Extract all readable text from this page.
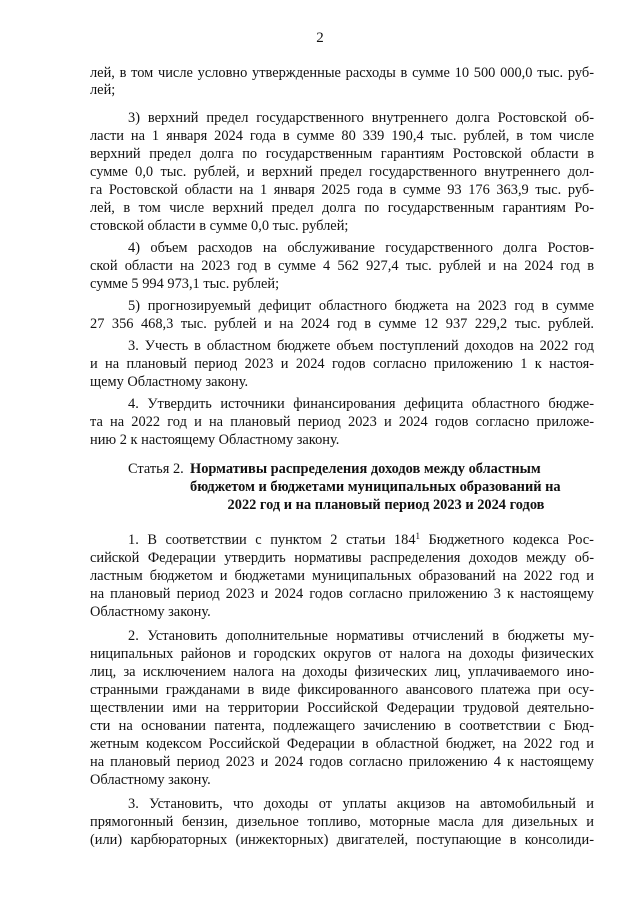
2
лей, в том числе условно утвержденные расходы в сумме 10 500 000,0 тыс. руб-
лей;
3) верхний предел государственного внутреннего долга Ростовской об-
ласти на 1 января 2024 года в сумме 80 339 190,4 тыс. рублей, в том числе
верхний предел долга по государственным гарантиям Ростовской области в
сумме 0,0 тыс. рублей, и верхний предел государственного внутреннего дол-
га Ростовской области на 1 января 2025 года в сумме 93 176 363,9 тыс. руб-
лей, в том числе верхний предел долга по государственным гарантиям Ро-
стовской области в сумме 0,0 тыс. рублей;
4) объем расходов на обслуживание государственного долга Ростов-
ской области на 2023 год в сумме 4 562 927,4 тыс. рублей и на 2024 год в
сумме 5 994 973,1 тыс. рублей;
5) прогнозируемый дефицит областного бюджета на 2023 год в сумме
27 356 468,3 тыс. рублей и на 2024 год в сумме 12 937 229,2 тыс. рублей.
3. Учесть в областном бюджете объем поступлений доходов на 2022 год
и на плановый период 2023 и 2024 годов согласно приложению 1 к настоя-
щему Областному закону.
4. Утвердить источники финансирования дефицита областного бюдже-
та на 2022 год и на плановый период 2023 и 2024 годов согласно приложе-
нию 2 к настоящему Областному закону.
Статья 2. Нормативы распределения доходов между областным
бюджетом и бюджетами муниципальных образований на
2022 год и на плановый период 2023 и 2024 годов
1. В соответствии с пунктом 2 статьи $184^1$ Бюджетного кодекса Рос-
сийской Федерации утвердить нормативы распределения доходов между об-
ластным бюджетом и бюджетами муниципальных образований на 2022 год и
на плановый период 2023 и 2024 годов согласно приложению 3 к настоящему
Областному закону.
2. Установить дополнительные нормативы отчислений в бюджеты му-
ниципальных районов и городских округов от налога на доходы физических
лиц, за исключением налога на доходы физических лиц, уплачиваемого ино-
странными гражданами в виде фиксированного авансового платежа при осу-
ществлении ими на территории Российской Федерации трудовой деятельно-
сти на основании патента, подлежащего зачислению в соответствии с Бюд-
жетным кодексом Российской Федерации в областной бюджет, на 2022 год и
на плановый период 2023 и 2024 годов согласно приложению 4 к настоящему
Областному закону.
3. Установить, что доходы от уплаты акцизов на автомобильный и
прямогонный бензин, дизельное топливо, моторные масла для дизельных и
(или) карбюраторных (инжекторных) двигателей, поступающие в консолиди-
